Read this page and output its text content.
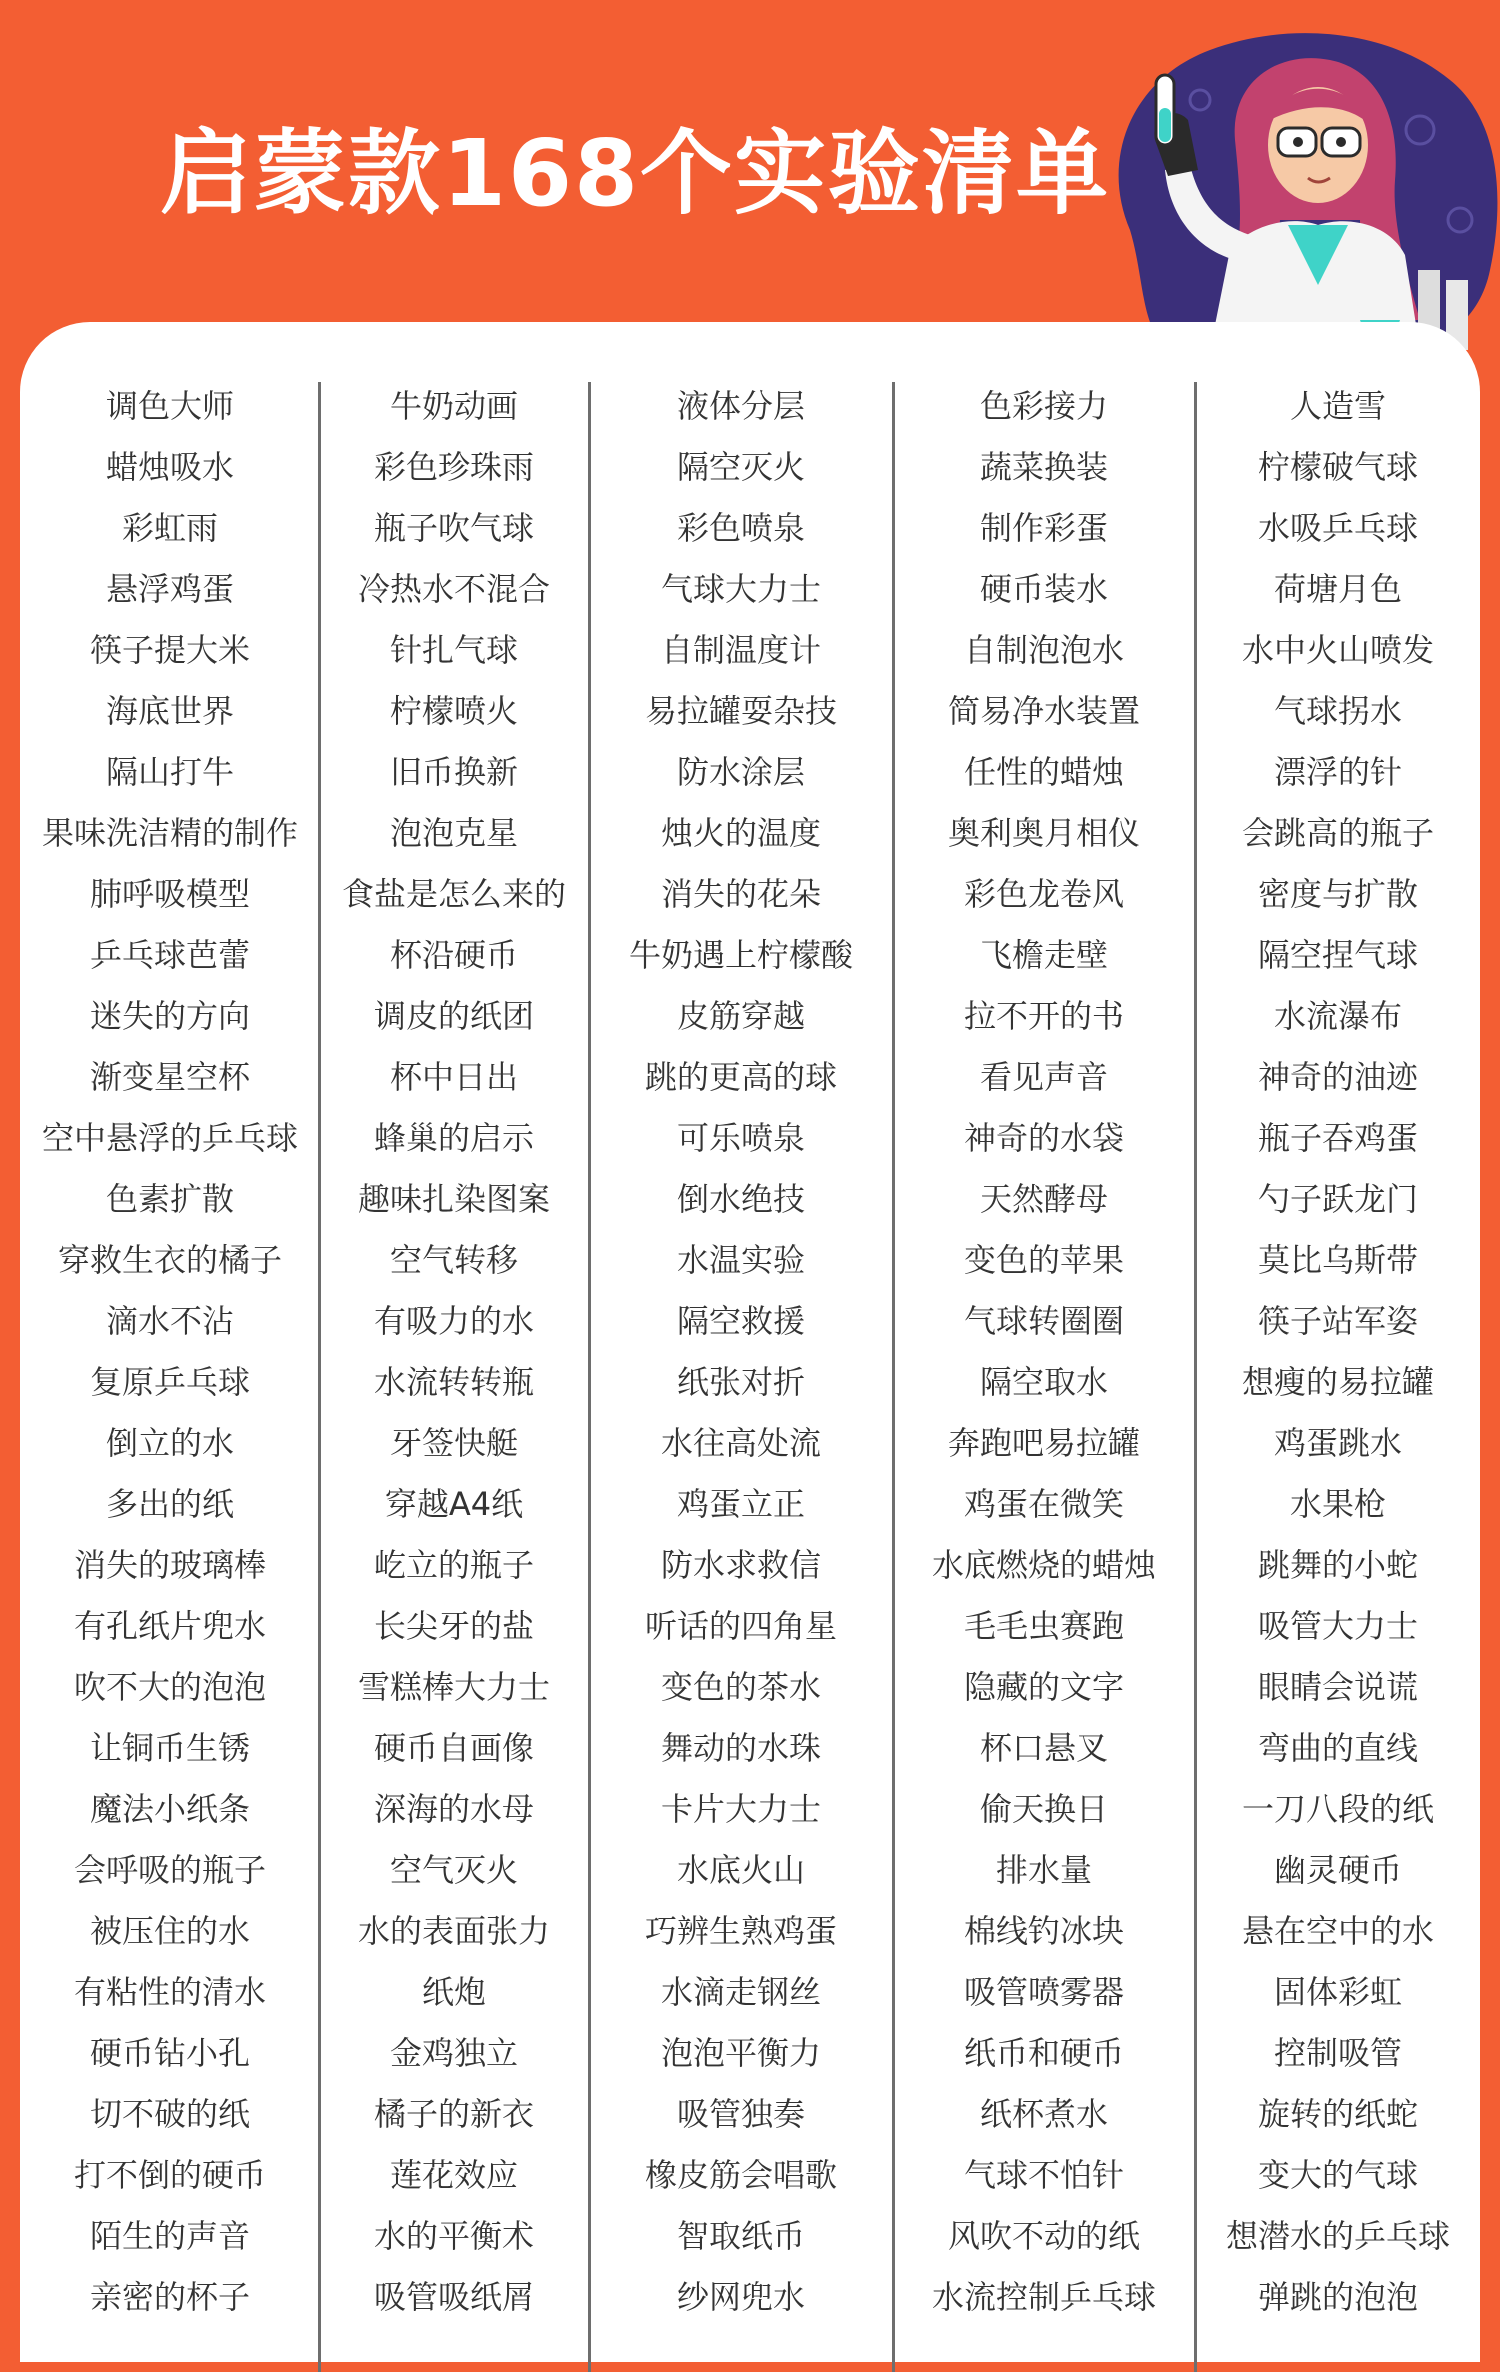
启蒙款168个实验清单
调色大师
蜡烛吸水
彩虹雨
悬浮鸡蛋
筷子提大米
海底世界
隔山打牛
果味洗洁精的制作
肺呼吸模型
乒乓球芭蕾
迷失的方向
渐变星空杯
空中悬浮的乒乓球
色素扩散
穿救生衣的橘子
滴水不沾
复原乒乓球
倒立的水
多出的纸
消失的玻璃棒
有孔纸片兜水
吹不大的泡泡
让铜币生锈
魔法小纸条
会呼吸的瓶子
被压住的水
有粘性的清水
硬币钻小孔
切不破的纸
打不倒的硬币
陌生的声音
亲密的杯子
牛奶动画
彩色珍珠雨
瓶子吹气球
冷热水不混合
针扎气球
柠檬喷火
旧币换新
泡泡克星
食盐是怎么来的
杯沿硬币
调皮的纸团
杯中日出
蜂巢的启示
趣味扎染图案
空气转移
有吸力的水
水流转转瓶
牙签快艇
穿越A4纸
屹立的瓶子
长尖牙的盐
雪糕棒大力士
硬币自画像
深海的水母
空气灭火
水的表面张力
纸炮
金鸡独立
橘子的新衣
莲花效应
水的平衡术
吸管吸纸屑
液体分层
隔空灭火
彩色喷泉
气球大力士
自制温度计
易拉罐耍杂技
防水涂层
烛火的温度
消失的花朵
牛奶遇上柠檬酸
皮筋穿越
跳的更高的球
可乐喷泉
倒水绝技
水温实验
隔空救援
纸张对折
水往高处流
鸡蛋立正
防水求救信
听话的四角星
变色的茶水
舞动的水珠
卡片大力士
水底火山
巧辨生熟鸡蛋
水滴走钢丝
泡泡平衡力
吸管独奏
橡皮筋会唱歌
智取纸币
纱网兜水
色彩接力
蔬菜换装
制作彩蛋
硬币装水
自制泡泡水
简易净水装置
任性的蜡烛
奥利奥月相仪
彩色龙卷风
飞檐走壁
拉不开的书
看见声音
神奇的水袋
天然酵母
变色的苹果
气球转圈圈
隔空取水
奔跑吧易拉罐
鸡蛋在微笑
水底燃烧的蜡烛
毛毛虫赛跑
隐藏的文字
杯口悬叉
偷天换日
排水量
棉线钓冰块
吸管喷雾器
纸币和硬币
纸杯煮水
气球不怕针
风吹不动的纸
水流控制乒乓球
人造雪
柠檬破气球
水吸乒乓球
荷塘月色
水中火山喷发
气球拐水
漂浮的针
会跳高的瓶子
密度与扩散
隔空捏气球
水流瀑布
神奇的油迹
瓶子吞鸡蛋
勺子跃龙门
莫比乌斯带
筷子站军姿
想瘦的易拉罐
鸡蛋跳水
水果枪
跳舞的小蛇
吸管大力士
眼睛会说谎
弯曲的直线
一刀八段的纸
幽灵硬币
悬在空中的水
固体彩虹
控制吸管
旋转的纸蛇
变大的气球
想潜水的乒乓球
弹跳的泡泡
